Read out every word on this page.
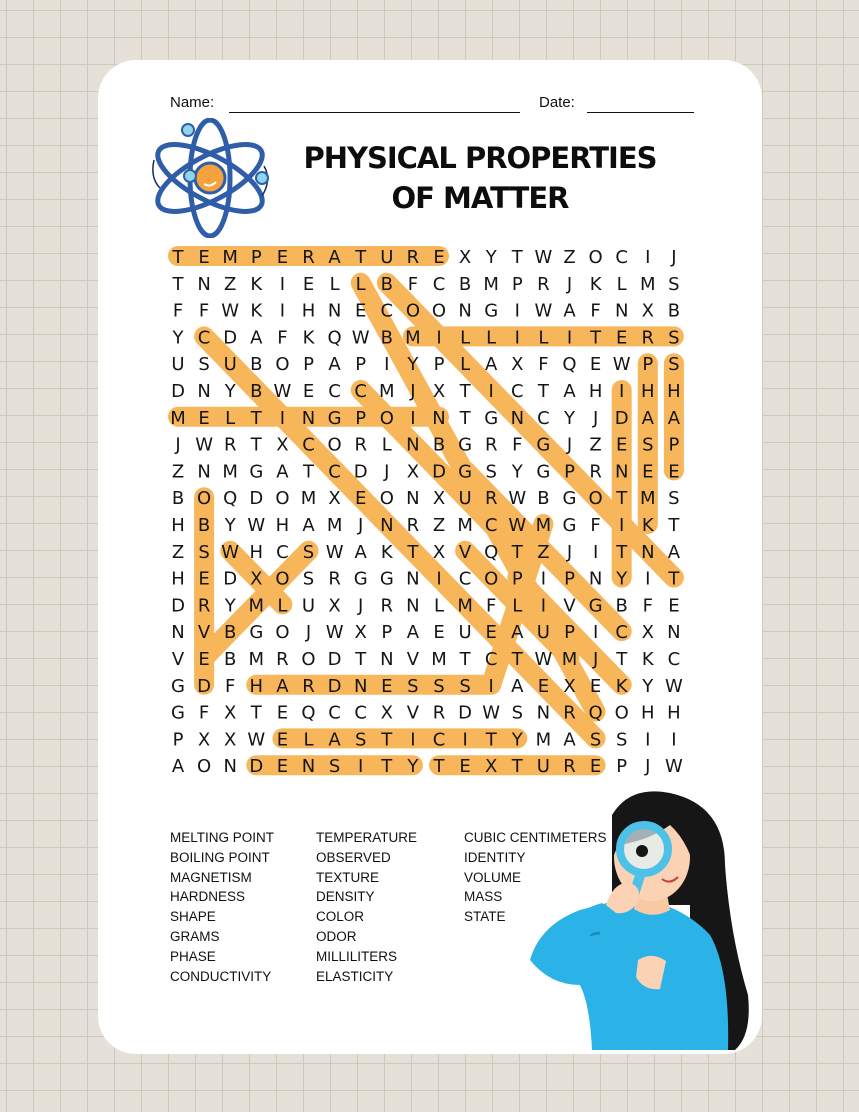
Name:	Date:
PHYSICAL PROPERTIES
OF MATTER
T E M P E R A T U R E X Y T W Z O C I J
T N Z K I E L L B F C B M P R J K L M S
F F W K I H N E C O O N G I W A F N X B
Y C D A F K Q W B M I L L I L I T E R S
U S U B O P A P I Y P L A X F Q E W P S
D N Y B W E C C M J X T I C T A H I H H
M E L T I N G P O I N T G N C Y J D A A
J W R T X C O R L N B G R F G J Z E S P
Z N M G A T C D J X D G S Y G P R N E E
B O Q D O M X E O N X U R W B G O T M S
H B Y W H A M J N R Z M C W M G F I K T
Z S W H C S W A K T X V Q T Z J I T N A
H E D X O S R G G N I C O P I P N Y I T
D R Y M L U X J R N L M F L I V G B F E
N V B G O J W X P A E U E A U P I C X N
V E B M R O D T N V M T C T W M J T K C
G D F H A R D N E S S S I A E X E K Y W
G F X T E Q C C X V R D W S N R Q O H H
P X X W E L A S T I C I T Y M A S S I I
A O N D E N S I T Y T E X T U R E P J W
MELTING POINT
BOILING POINT
MAGNETISM
HARDNESS
SHAPE
GRAMS
PHASE
CONDUCTIVITY
TEMPERATURE
OBSERVED
TEXTURE
DENSITY
COLOR
ODOR
MILLILITERS
ELASTICITY
CUBIC CENTIMETERS
IDENTITY
VOLUME
MASS
STATE
